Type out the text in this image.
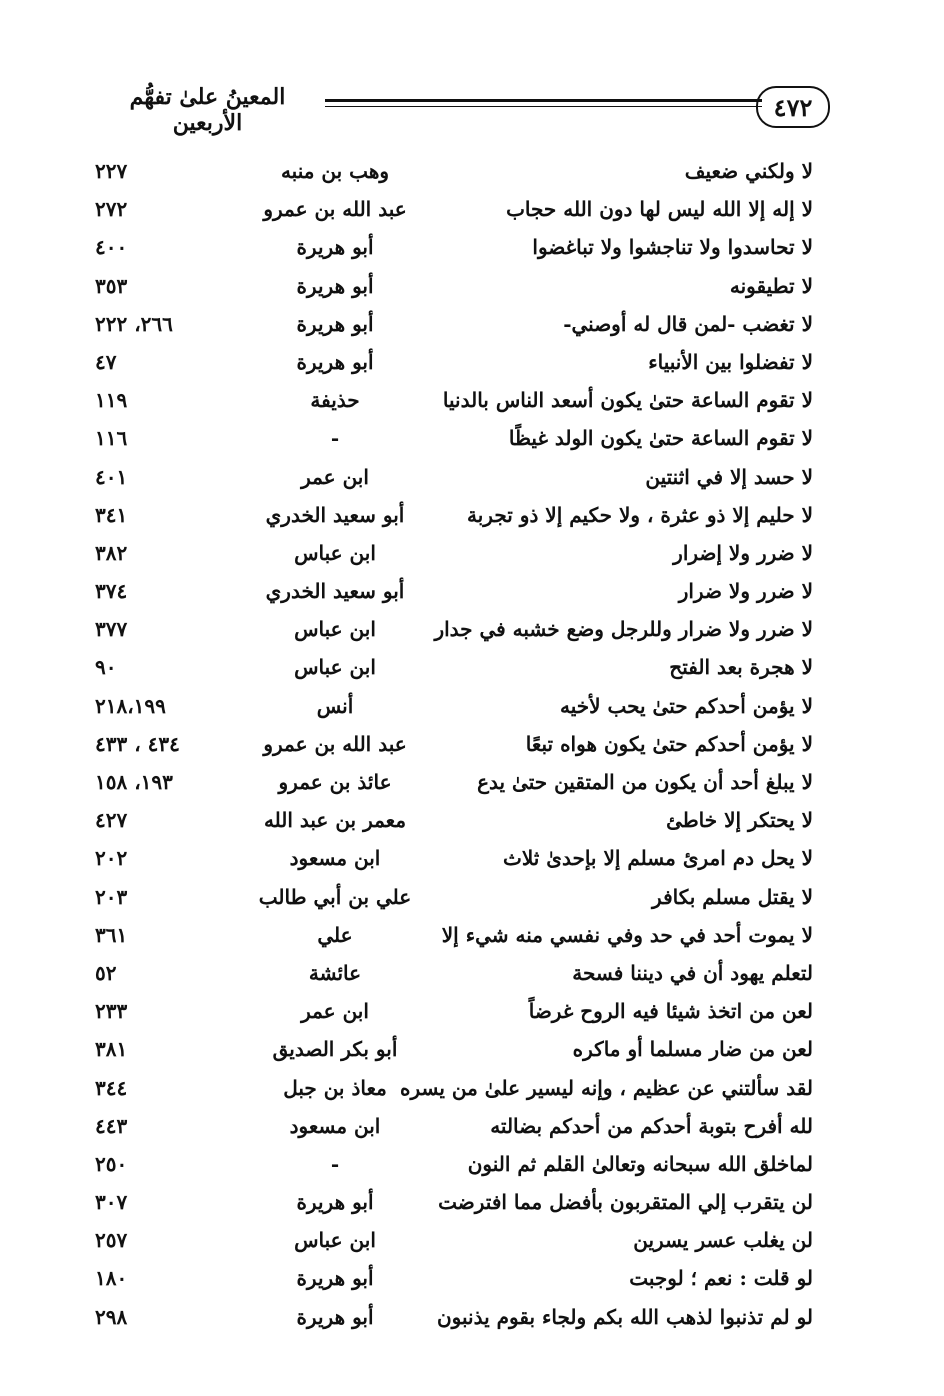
٤٧٢
المعينُ علىٰ تفهُّم الأربعين
لا ولكني ضعيف
وهب بن منبه
٢٢٧
لا إله إلا الله ليس لها دون الله حجاب
عبد الله بن عمرو
٢٧٢
لا تحاسدوا ولا تناجشوا ولا تباغضوا
أبو هريرة
٤٠٠
لا تطيقونه
أبو هريرة
٣٥٣
لا تغضب -لمن قال له أوصني-
أبو هريرة
٢٦٦، ٢٢٢
لا تفضلوا بين الأنبياء
أبو هريرة
٤٧
لا تقوم الساعة حتىٰ يكون أسعد الناس بالدنيا
حذيفة
١١٩
لا تقوم الساعة حتىٰ يكون الولد غيظًا
-
١١٦
لا حسد إلا في اثنتين
ابن عمر
٤٠١
لا حليم إلا ذو عثرة ، ولا حكيم إلا ذو تجربة
أبو سعيد الخدري
٣٤١
لا ضرر ولا إضرار
ابن عباس
٣٨٢
لا ضرر ولا ضرار
أبو سعيد الخدري
٣٧٤
لا ضرر ولا ضرار وللرجل وضع خشبه في جدار
ابن عباس
٣٧٧
لا هجرة بعد الفتح
ابن عباس
٩٠
لا يؤمن أحدكم حتىٰ يحب لأخيه
أنس
٢١٨،١٩٩
لا يؤمن أحدكم حتىٰ يكون هواه تبعًا
عبد الله بن عمرو
٤٣٤ ، ٤٣٣
لا يبلغ أحد أن يكون من المتقين حتىٰ يدع
عائذ بن عمرو
١٩٣، ١٥٨
لا يحتكر إلا خاطئ
معمر بن عبد الله
٤٢٧
لا يحل دم امرئ مسلم إلا بإحدىٰ ثلاث
ابن مسعود
٢٠٢
لا يقتل مسلم بكافر
علي بن أبي طالب
٢٠٣
لا يموت أحد في حد وفي نفسي منه شيء إلا
علي
٣٦١
لتعلم يهود أن في ديننا فسحة
عائشة
٥٢
لعن من اتخذ شيئا فيه الروح غرضاً
ابن عمر
٢٣٣
لعن من ضار مسلما أو ماكره
أبو بكر الصديق
٣٨١
لقد سألتني عن عظيم ، وإنه ليسير علىٰ من يسره
معاذ بن جبل
٣٤٤
لله أفرح بتوبة أحدكم من أحدكم بضالته
ابن مسعود
٤٤٣
لماخلق الله سبحانه وتعالىٰ القلم ثم النون
-
٢٥٠
لن يتقرب إلي المتقربون بأفضل مما افترضت
أبو هريرة
٣٠٧
لن يغلب عسر يسرين
ابن عباس
٢٥٧
لو قلت : نعم ؛ لوجبت
أبو هريرة
١٨٠
لو لم تذنبوا لذهب الله بكم ولجاء بقوم يذنبون
أبو هريرة
٢٩٨
